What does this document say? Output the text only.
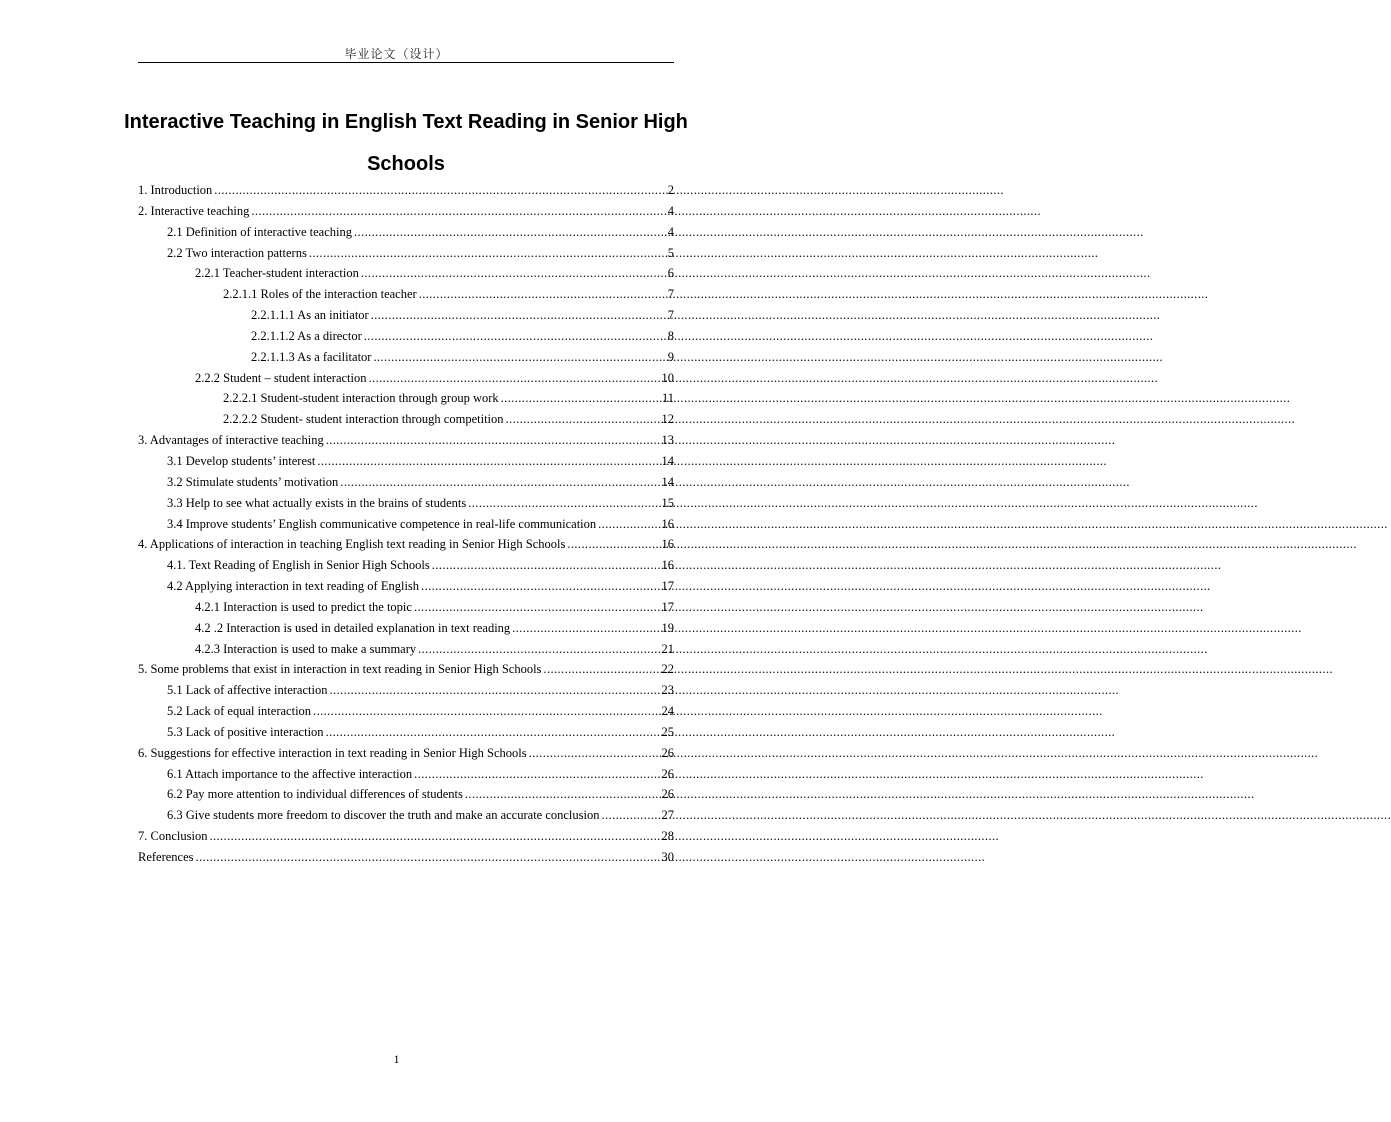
毕业论文（设计）
Interactive Teaching in English Text Reading in Senior High Schools
1. Introduction .....	2
2. Interactive teaching .....	4
2.1 Definition of interactive teaching .....	4
2.2 Two interaction patterns .....	5
2.2.1 Teacher-student interaction .....	6
2.2.1.1 Roles of the interaction teacher .....	7
2.2.1.1.1 As an initiator .....	7
2.2.1.1.2 As a director .....	8
2.2.1.1.3 As a facilitator .....	9
2.2.2 Student – student interaction .....	10
2.2.2.1 Student-student interaction through group work .....	11
2.2.2.2 Student- student interaction through competition .....	12
3. Advantages of interactive teaching .....	13
3.1 Develop students’ interest .....	14
3.2 Stimulate students’ motivation .....	14
3.3 Help to see what actually exists in the brains of students .....	15
3.4 Improve students’ English communicative competence in real-life communication .....	16
4. Applications of interaction in teaching English text reading in Senior High Schools .....	16
4.1. Text Reading of English in Senior High Schools .....	16
4.2 Applying interaction in text reading of English .....	17
4.2.1 Interaction is used to predict the topic .....	17
4.2 .2 Interaction is used in detailed explanation in text reading .....	19
4.2.3 Interaction is used to make a summary .....	21
5. Some problems that exist in interaction in text reading in Senior High Schools .....	22
5.1 Lack of affective interaction .....	23
5.2 Lack of equal interaction .....	24
5.3 Lack of positive interaction .....	25
6. Suggestions for effective interaction in text reading in Senior High Schools .....	26
6.1 Attach importance to the affective interaction .....	26
6.2 Pay more attention to individual differences of students .....	26
6.3 Give students more freedom to discover the truth and make an accurate conclusion .....	27
7. Conclusion .....	28
References .....	30
1
